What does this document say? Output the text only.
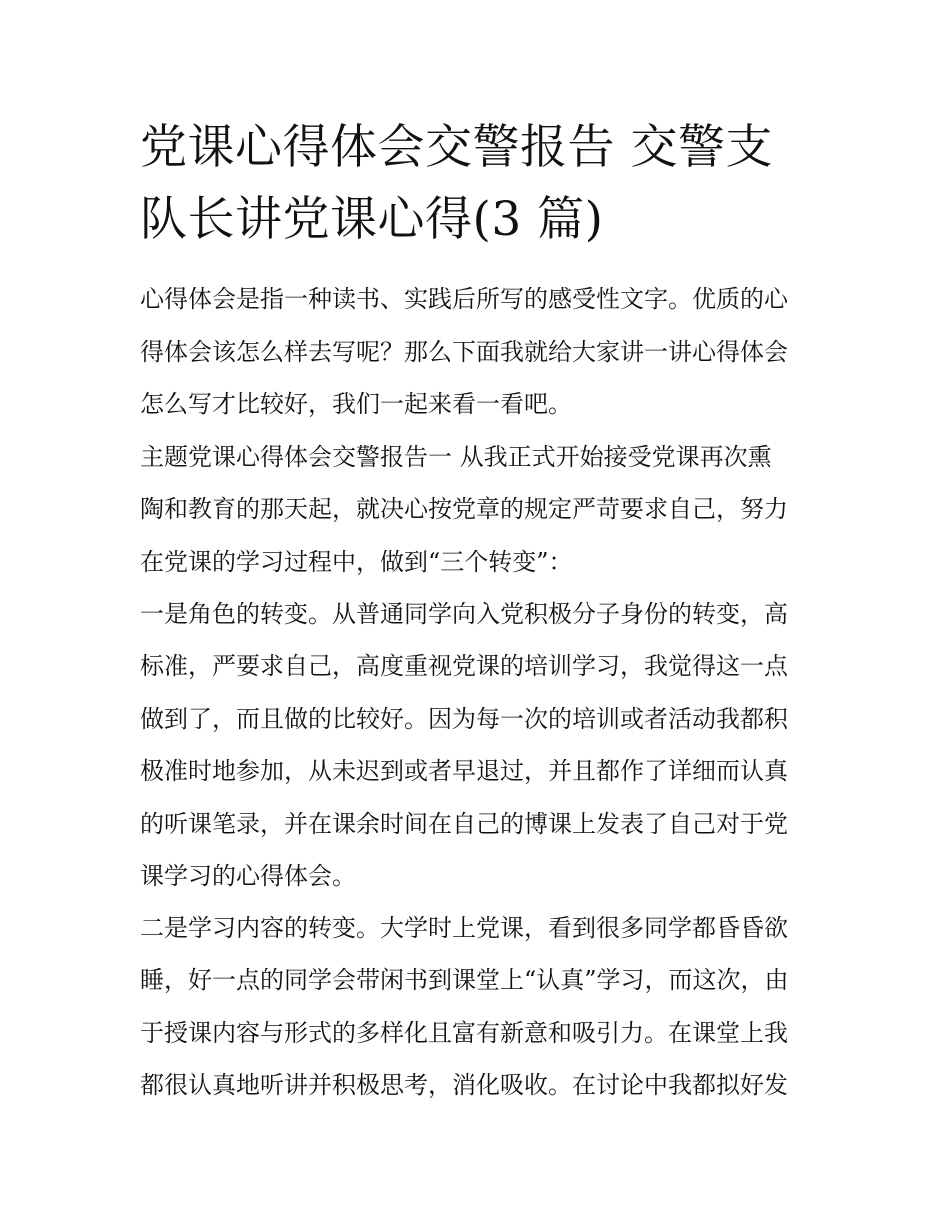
党课心得体会交警报告 交警支
队长讲党课心得(3 篇)

心得体会是指一种读书、实践后所写的感受性文字。优质的心

得体会该怎么样去写呢？那么下面我就给大家讲一讲心得体会

怎么写才比较好，我们一起来看一看吧。

主题党课心得体会交警报告一 从我正式开始接受党课再次熏

陶和教育的那天起，就决心按党章的规定严苛要求自己，努力

在党课的学习过程中，做到“三个转变”：

一是角色的转变。从普通同学向入党积极分子身份的转变，高

标准，严要求自己，高度重视党课的培训学习，我觉得这一点

做到了，而且做的比较好。因为每一次的培训或者活动我都积

极准时地参加，从未迟到或者早退过，并且都作了详细而认真

的听课笔录，并在课余时间在自己的博课上发表了自己对于党

课学习的心得体会。

二是学习内容的转变。大学时上党课，看到很多同学都昏昏欲

睡，好一点的同学会带闲书到课堂上“认真”学习，而这次，由

于授课内容与形式的多样化且富有新意和吸引力。在课堂上我

都很认真地听讲并积极思考，消化吸收。在讨论中我都拟好发
